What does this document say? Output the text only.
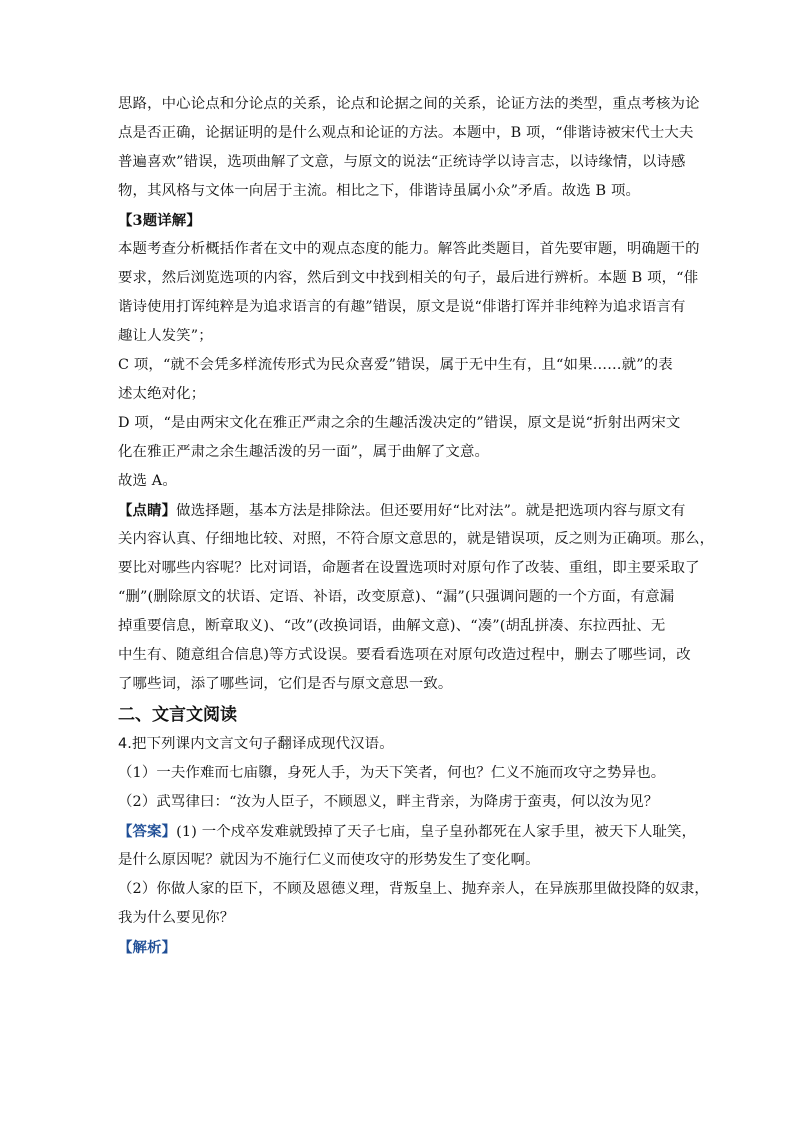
思路，中心论点和分论点的关系，论点和论据之间的关系，论证方法的类型，重点考核为论
点是否正确，论据证明的是什么观点和论证的方法。本题中，B 项，“俳谐诗被宋代士大夫
普遍喜欢”错误，选项曲解了文意，与原文的说法“正统诗学以诗言志，以诗缘情，以诗感
物，其风格与文体一向居于主流。相比之下，俳谐诗虽属小众”矛盾。故选 B 项。
【3题详解】
本题考查分析概括作者在文中的观点态度的能力。解答此类题目，首先要审题，明确题干的
要求，然后浏览选项的内容，然后到文中找到相关的句子，最后进行辨析。本题 B 项，“俳
谐诗使用打诨纯粹是为追求语言的有趣”错误，原文是说“俳谐打诨并非纯粹为追求语言有
趣让人发笑”；
C 项，“就不会凭多样流传形式为民众喜爱”错误，属于无中生有，且“如果……就”的表
述太绝对化；
D 项，“是由两宋文化在雅正严肃之余的生趣活泼决定的”错误，原文是说“折射出两宋文
化在雅正严肃之余生趣活泼的另一面”，属于曲解了文意。
故选 A。
【点睛】做选择题，基本方法是排除法。但还要用好“比对法”。就是把选项内容与原文有
关内容认真、仔细地比较、对照，不符合原文意思的，就是错误项，反之则为正确项。那么，
要比对哪些内容呢？比对词语，命题者在设置选项时对原句作了改装、重组，即主要采取了
“删”(删除原文的状语、定语、补语，改变原意)、“漏”(只强调问题的一个方面，有意漏
掉重要信息，断章取义)、“改”(改换词语，曲解文意)、“凑”(胡乱拼凑、东拉西扯、无
中生有、随意组合信息)等方式设误。要看看选项在对原句改造过程中，删去了哪些词，改
了哪些词，添了哪些词，它们是否与原文意思一致。
二、文言文阅读
4.把下列课内文言文句子翻译成现代汉语。
（1）一夫作难而七庙隳，身死人手，为天下笑者，何也？仁义不施而攻守之势异也。
（2）武骂律曰：“汝为人臣子，不顾恩义，畔主背亲，为降虏于蛮夷，何以汝为见？
【答案】(1) 一个戍卒发难就毁掉了天子七庙，皇子皇孙都死在人家手里，被天下人耻笑，
是什么原因呢？就因为不施行仁义而使攻守的形势发生了变化啊。
（2）你做人家的臣下，不顾及恩德义理，背叛皇上、抛弃亲人，在异族那里做投降的奴隶，
我为什么要见你？
【解析】
